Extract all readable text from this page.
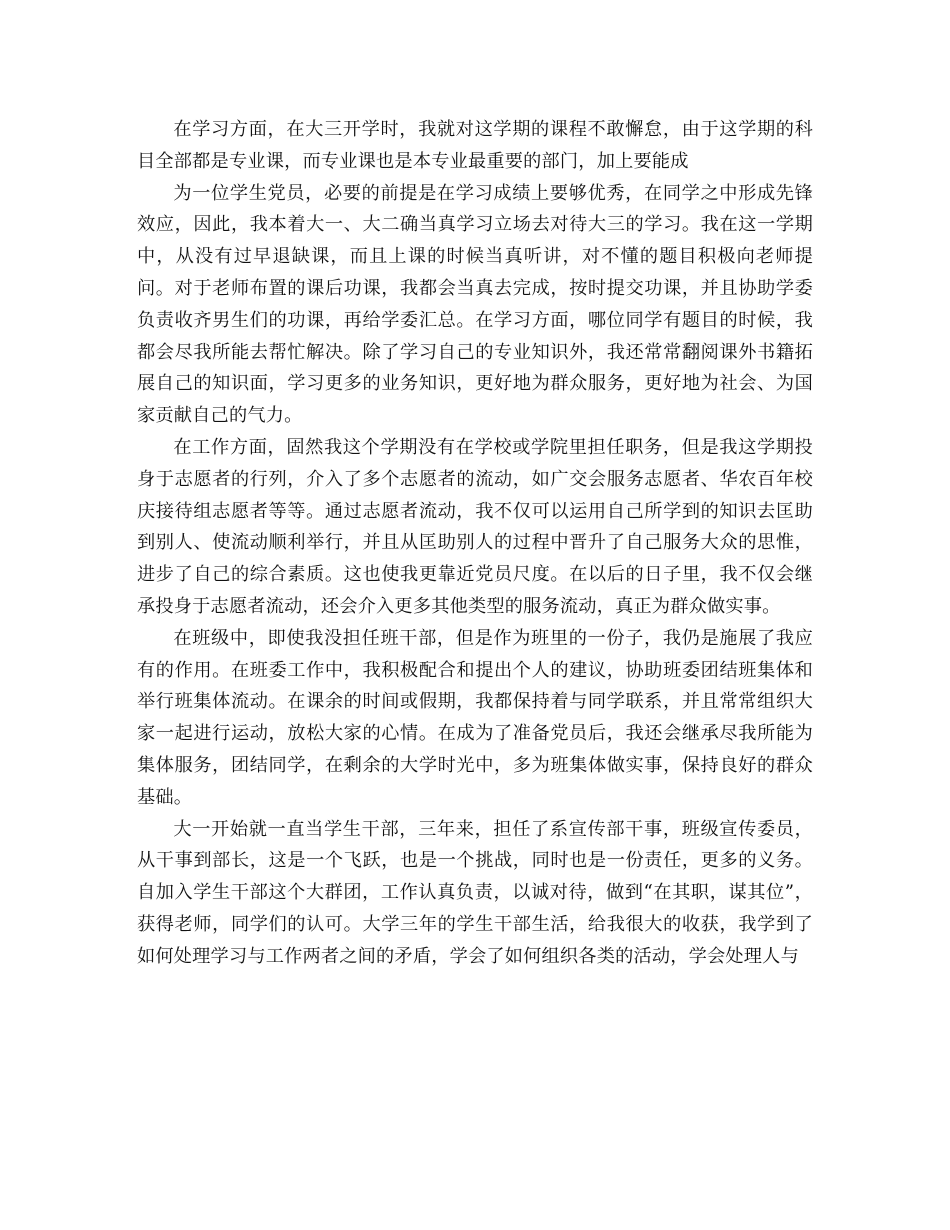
在学习方面，在大三开学时，我就对这学期的课程不敢懈怠，由于这学期的科目全部都是专业课，而专业课也是本专业最重要的部门，加上要能成

为一位学生党员，必要的前提是在学习成绩上要够优秀，在同学之中形成先锋效应，因此，我本着大一、大二确当真学习立场去对待大三的学习。我在这一学期中，从没有过早退缺课，而且上课的时候当真听讲，对不懂的题目积极向老师提问。对于老师布置的课后功课，我都会当真去完成，按时提交功课，并且协助学委负责收齐男生们的功课，再给学委汇总。在学习方面，哪位同学有题目的时候，我都会尽我所能去帮忙解决。除了学习自己的专业知识外，我还常常翻阅课外书籍拓展自己的知识面，学习更多的业务知识，更好地为群众服务，更好地为社会、为国家贡献自己的气力。

在工作方面，固然我这个学期没有在学校或学院里担任职务，但是我这学期投身于志愿者的行列，介入了多个志愿者的流动，如广交会服务志愿者、华农百年校庆接待组志愿者等等。通过志愿者流动，我不仅可以运用自己所学到的知识去匡助到别人、使流动顺利举行，并且从匡助别人的过程中晋升了自己服务大众的思惟，进步了自己的综合素质。这也使我更靠近党员尺度。在以后的日子里，我不仅会继承投身于志愿者流动，还会介入更多其他类型的服务流动，真正为群众做实事。

在班级中，即使我没担任班干部，但是作为班里的一份子，我仍是施展了我应有的作用。在班委工作中，我积极配合和提出个人的建议，协助班委团结班集体和举行班集体流动。在课余的时间或假期，我都保持着与同学联系，并且常常组织大家一起进行运动，放松大家的心情。在成为了准备党员后，我还会继承尽我所能为集体服务，团结同学，在剩余的大学时光中，多为班集体做实事，保持良好的群众基础。

大一开始就一直当学生干部，三年来，担任了系宣传部干事，班级宣传委员，从干事到部长，这是一个飞跃，也是一个挑战，同时也是一份责任，更多的义务。自加入学生干部这个大群团，工作认真负责，以诚对待，做到“在其职，谋其位”，获得老师，同学们的认可。大学三年的学生干部生活，给我很大的收获，我学到了如何处理学习与工作两者之间的矛盾，学会了如何组织各类的活动，学会处理人与
